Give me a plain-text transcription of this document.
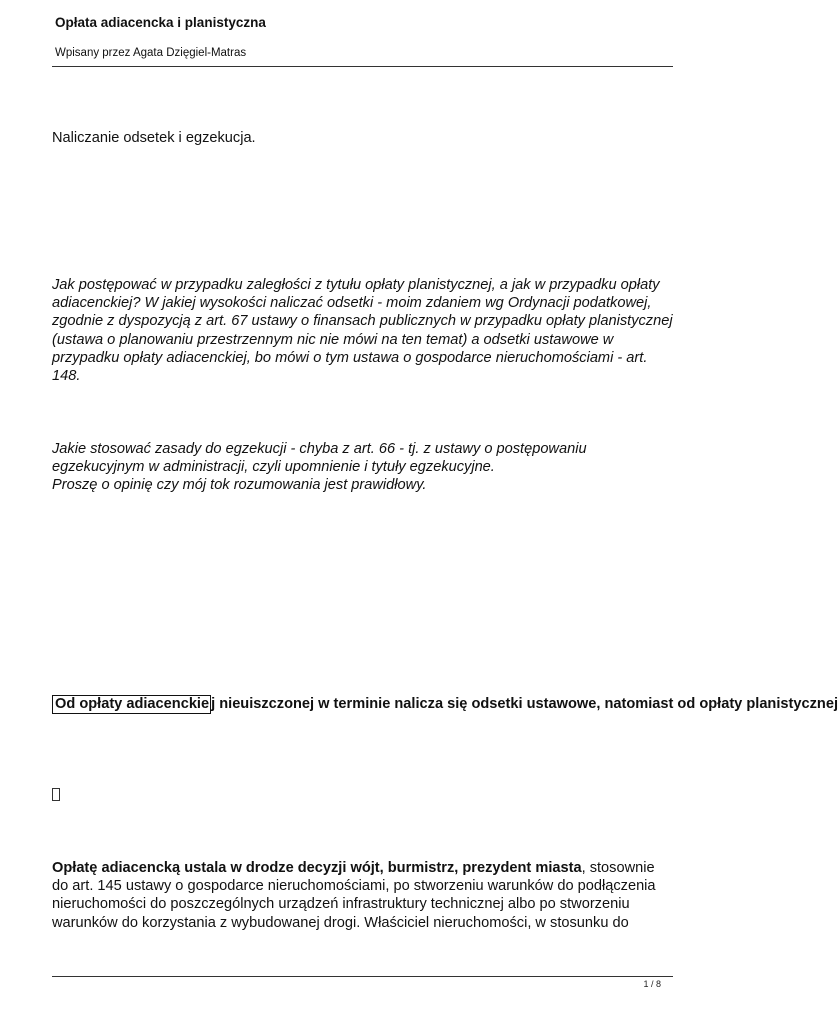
Opłata adiacencka i planistyczna
Wpisany przez Agata Dzięgiel-Matras

Naliczanie odsetek i egzekucja.

Jak postępować w przypadku zaległości z tytułu opłaty planistycznej, a jak w przypadku opłaty adiacenckiej? W jakiej wysokości naliczać odsetki - moim zdaniem wg Ordynacji podatkowej, zgodnie z dyspozycją z art. 67 ustawy o finansach publicznych w przypadku opłaty planistycznej (ustawa o planowaniu przestrzennym nic nie mówi na ten temat) a odsetki ustawowe w przypadku opłaty adiacenckiej, bo mówi o tym ustawa o gospodarce nieruchomościami - art. 148.

Jakie stosować zasady do egzekucji - chyba z art. 66 - tj. z ustawy o postępowaniu egzekucyjnym w administracji, czyli upomnienie i tytuły egzekucyjne.
Proszę o opinię czy mój tok rozumowania jest prawidłowy.

Od opłaty adiacenckie j nieuiszczonej w terminie nalicza się odsetki ustawowe, natomiast od opłaty planistycznej

Opłatę adiacencką ustala w drodze decyzji wójt, burmistrz, prezydent miasta, stosownie do art. 145 ustawy o gospodarce nieruchomościami, po stworzeniu warunków do podłączenia nieruchomości do poszczególnych urządzeń infrastruktury technicznej albo po stworzeniu warunków do korzystania z wybudowanej drogi. Właściciel nieruchomości, w stosunku do

1 / 8
